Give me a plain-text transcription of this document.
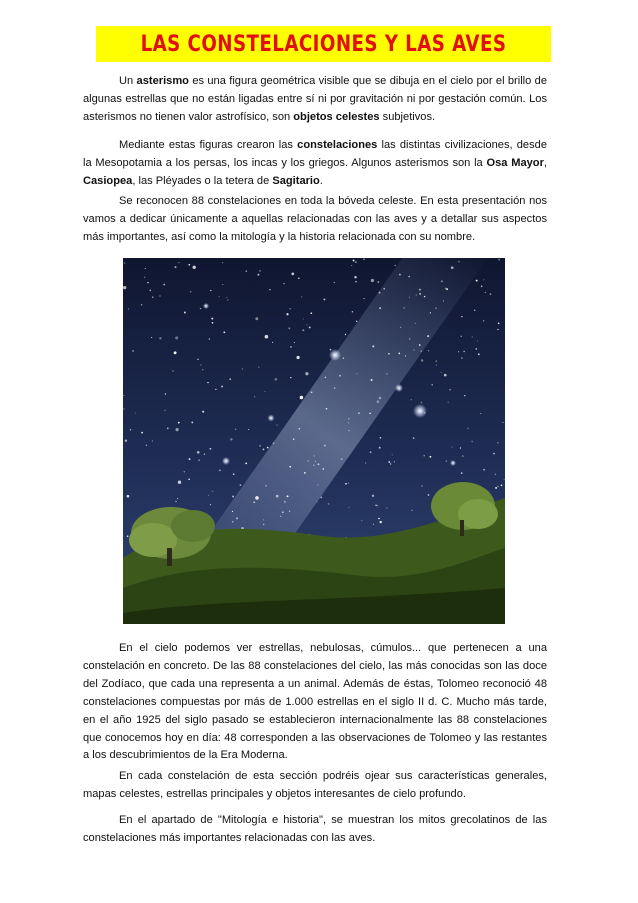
LAS CONSTELACIONES Y LAS AVES

Un asterismo es una figura geométrica visible que se dibuja en el cielo por el brillo de algunas estrellas que no están ligadas entre sí ni por gravitación ni por gestación común. Los asterismos no tienen valor astrofísico, son objetos celestes subjetivos.

Mediante estas figuras crearon las constelaciones las distintas civilizaciones, desde la Mesopotamia a los persas, los incas y los griegos. Algunos asterismos son la Osa Mayor, Casiopea, las Pléyades o la tetera de Sagitario.

Se reconocen 88 constelaciones en toda la bóveda celeste. En esta presentación nos vamos a dedicar únicamente a aquellas relacionadas con las aves y a detallar sus aspectos más importantes, así como la mitología y la historia relacionada con su nombre.

En el cielo podemos ver estrellas, nebulosas, cúmulos... que pertenecen a una constelación en concreto. De las 88 constelaciones del cielo, las más conocidas son las doce del Zodíaco, que cada una representa a un animal. Además de éstas, Tolomeo reconoció 48 constelaciones compuestas por más de 1.000 estrellas en el siglo II d. C. Mucho más tarde, en el año 1925 del siglo pasado se establecieron internacionalmente las 88 constelaciones que conocemos hoy en día: 48 corresponden a las observaciones de Tolomeo y las restantes a los descubrimientos de la Era Moderna.

En cada constelación de esta sección podréis ojear sus características generales, mapas celestes, estrellas principales y objetos interesantes de cielo profundo.

En el apartado de "Mitología e historia", se muestran los mitos grecolatinos de las constelaciones más importantes relacionadas con las aves.
